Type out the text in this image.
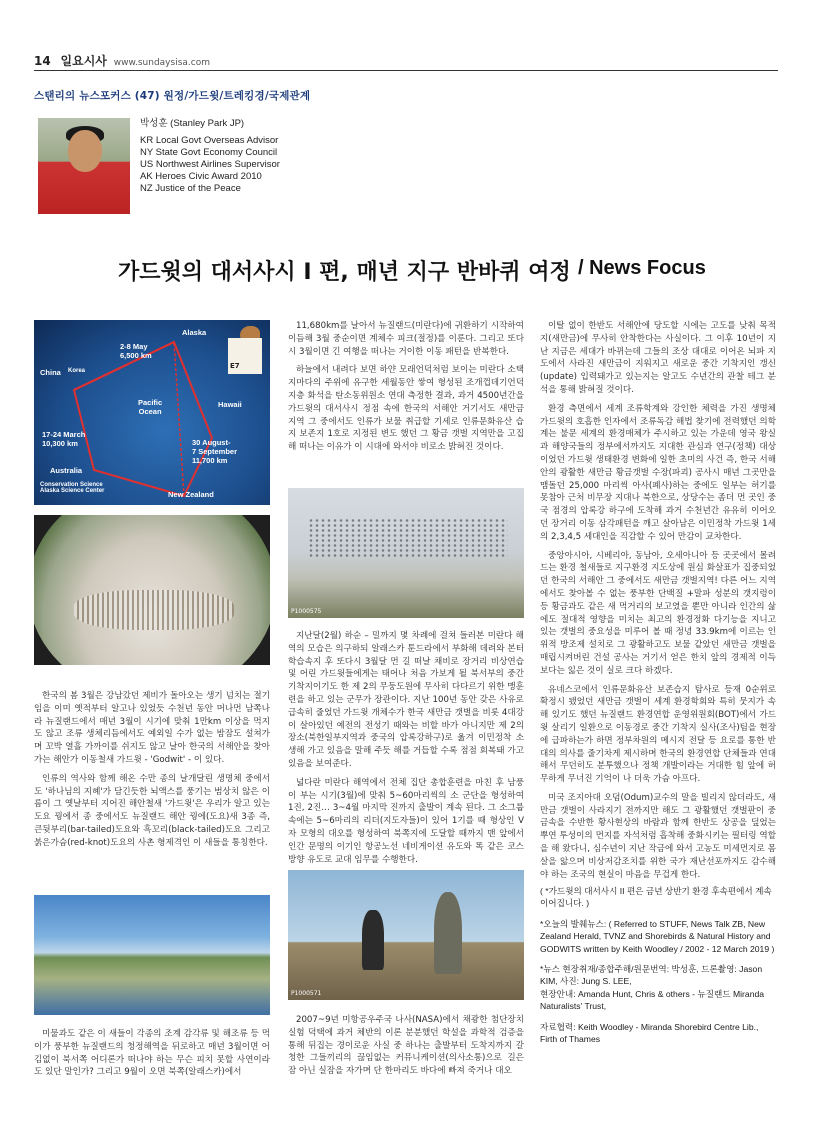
14 일요시사 www.sundaysisa.com
스탠리의 뉴스포커스 (47) 원정/가드윗/트레킹경/국제관계
박성훈 (Stanley Park JP)
KR Local Govt Overseas Advisor
NY State Govt Economy Council
US Northwest Airlines Supervisor
AK Heroes Civic Award 2010
NZ Justice of the Peace
가드윗의 대서사시 I 편, 매년 지구 반바퀴 여정 / News Focus
E7
Alaska
2-8 May
6,500 km
China Korea
Pacific
Ocean
Hawaii
17-24 March
10,300 km	30 August-
7 September
11,700 km
Australia
New Zealand
Conservation Science
Alaska Science Center

한국의 봄 3월은 강남갔던 제비가 돌아오는 생기 넘치는 절기임을 이미 옛적부터 알고나 있었듯 수천년 동안 머나먼 남쪽나라 뉴질랜드에서 매년 3월이 시기에 맞춰 1만km 이상을 먹지도 않고 조류 생체리듬에서도 예외일 수가 없는 밤잠도 설쳐가며 꼬박 열흘 가까이를 쉬지도 않고 날아 한국의 서해안을 찾아가는 해안가 이동철새 가드윗 - 'Godwit' - 이 있다.

인류의 역사와 함께 해온 수만 종의 날개달린 생명체 중에서도 '하나님의 지혜'가 담긴듯한 뇌액스를 풍기는 범상치 않은 이름이 그 옛날부터 지어진 해안철새 '가드윗'은 우리가 알고 있는 도요 꿩에서 종 중에서도 뉴질랜드 해안 꿩에(도요)새 3종 즉, 큰뒷부리(bar-tailed)도요와 흑꼬리(black-tailed)도요 그리고 붉은가슴(red-knot)도요의 사촌 형제격인 이 새들을 통칭한다.

미물과도 같은 이 새들이 각종의 조계 감각류 및 해조류 등 먹이가 풍부한 뉴질랜드의 청정해역을 뒤로하고 매년 3월이면 어김없이 북서쪽 어디론가 떠나야 하는 무슨 피치 못할 사연이라도 있단 말인가? 그리고 9월이 오면 북쪽(알래스카)에서

11,680km를 날아서 뉴질랜드(미란다)에 귀환하기 시작하여 이듬해 3월 중순이면 계체수 피크(절정)를 이룬다. 그리고 또다시 3월이면 긴 여행을 떠나는 거이한 이동 패턴을 반복한다.

하늘에서 내려다 보면 하얀 모래언덕처럼 보이는 미란다 소택지마다의 주위에 유구한 세월동안 쌓여 형성된 조개껍데기언덕 지층 화석을 탄소동위원소 연대 측정한 결과, 과거 4500년간을 가드윗의 대서사시 정점 속에 한국의 서해안 거기서도 새만금 지역 그 중에서도 인류가 보물 취급할 기세로 인류문화유산 습지 보존지 1호로 지정된 변도 했던 그 황금 갯벌 지역만을 고집해 떠나는 이유가 이 시대에 와서야 비로소 밝혀진 것이다.

P1000575

지난달(2월) 하순 – 밀까지 몇 차례에 걸쳐 들러본 미란다 해역의 모습은 의구하되 알래스카 툰드라에서 부화해 데려와 본터 학습속지 후 또다시 3월달 먼 길 떠날 채비로 장거리 비상연습 및 어린 가드윗들에게는 태어나 처음 가보게 될 북서부의 중간 기착지이기도 한 제 2의 무둥도원에 무사히 다다르기 위한 맹훈련을 하고 있는 군무가 장관이다. 지난 100년 동안 갖은 사유로 급속히 줄었던 가드윗 개체수가 한국 새만금 갯벌을 비롯 4대강이 살아있던 예전의 전성기 때와는 비할 바가 아니지만 제 2의 장소(북한일부지역과 중국의 압록강하구)로 옮겨 이민정착 소생해 가고 있음을 말해 주듯 해를 거듭할 수록 점점 회복돼 가고 있음을 보여준다.

넓다란 미란다 해역에서 전체 집단 총합훈련을 마친 후 남풍이 부는 시기(3월)에 맞춰 5~60마리씩의 소 군단을 형성하여 1진, 2진… 3~4월 마지막 진까지 출발이 계속 된다. 그 소그룹속에는 5~6마리의 리더(지도자들)이 있어 1기를 때 형상인 V자 모형의 대오를 형성하여 북쪽지에 도달할 때까지 맨 앞에서 인간 문명의 이기인 항공노선 네비게이션 유도와 똑 같은 코스 방향 유도로 교대 임무를 수행한다.

P1000571

2007~9년 미항공우주국 나사(NASA)에서 채광한 첨단장치 실험 덕택에 과거 체반의 이론 분분했던 학설을 과학적 검증을 통해 뒤집는 경이로운 사실 중 하나는 출발부터 도착지까지 갈청한 그들끼리의 끊임없는 커뮤니케이션(의사소통)으로 길은 잠 아닌 실잠을 자가며 단 한마리도 바다에 빠져 죽거나 대오

이탈 없이 한반도 서해안에 당도할 시에는 고도를 낮춰 목적지(새만금)에 무사히 안착한다는 사실이다. 그 이후 10년이 지난 지금은 세대가 바뀌는데 그들의 조상 대대로 이어온 뇌파 지도에서 사라진 새만금이 지워지고 새로운 중간 기착지인 갱신(update) 입력돼가고 있는지는 알고도 수년간의 관찰 테그 분석을 통해 밝혀질 것이다.

환경 측면에서 세계 조류학계와 강인한 체력을 가진 생명체 가드윗의 호흡한 인자에서 조류독감 해법 찾기에 전력했던 의학계는 불문 세계의 환경매체가 주시하고 있는 가운데 영국 왕실과 해양국들의 정부에서까지도 지대한 관심과 연구(정책) 대상이었던 가드윗 생태환경 변화에 일한 초미의 사건 즉, 한국 서해안의 광활한 새만금 황금갯벌 수장(파괴) 공사시 매년 그곳만을 맴돌던 25,000 마리씩 아사(폐사)하는 중에도 일부는 허기를 못참아 근처 비무장 지대나 북한으로, 상당수는 좀더 먼 곳인 중국 점경의 압록강 하구에 도착해 과거 수천년간 유유히 이어오던 장거리 이동 삼각패턴을 깨고 살아남은 이민정착 가드윗 1세의 2,3,4,5 세대인을 직감할 수 있어 만감이 교차한다.

중앙아시아, 시베리아, 동남아, 오세아니아 등 곳곳에서 몰려드는 환경 철새들로 지구환경 지도상에 원심 화살표가 집중되었던 한국의 서해안 그 중에서도 새만금 갯벌지역! 다른 어느 지역에서도 찾아볼 수 없는 풍부한 단백질 +말파 성분의 갯지렁이 등 황금과도 같은 새 먹거리의 보고였을 뿐만 아니라 인간의 삶에도 절대적 영향을 미치는 최고의 환경정화 다기능을 지니고 있는 갯벌의 중요성을 미루어 볼 때 정녕 33.9km에 이르는 인위적 방조제 설치로 그 광활하고도 보물 같았던 새만금 갯벌을 매립시켜버린 건설 공사는 거기서 얻은 한치 앞의 경제적 이득보다는 잃은 것이 실로 크다 하겠다.

유네스코에서 인류문화유산 보존습지 탐사로 등재 0순위로 확정시 됐었던 새만금 갯벌이 세계 환경학회와 특히 뭇지가 속해 있기도 했던 뉴질랜드 환경연합 운영위원회(BOT)에서 가드윗 살리기 일환으로 이동경로 중간 기착지 실사(조사)팀을 현장에 급파하는가 하면 정부차원의 메시지 전달 등 요로를 통한 반대의 의사를 줄기차게 제시하며 한국의 환경연합 단체들과 연대해서 무던히도 분투했으나 정책 개발이라는 거대한 힘 앞에 허무하게 무너진 기억이 나 더욱 가슴 아프다.

미국 조지아대 오덤(Odum)교수의 말을 빌리지 않더라도, 새만금 갯벌이 사라지기 전까지만 해도 그 광활했던 갯벌판이 중금속을 수반한 황사현상의 바람과 함께 한반도 상공을 덮었는 뿌연 투성이의 먼지를 자석처럼 흡착해 중화시키는 필터링 역할을 해 왔다니, 심수년이 지난 작금에 와서 고농도 미세먼지로 몸살을 앓으며 비상저감조치를 위한 국가 재난선포까지도 감수해야 하는 조국의 현실이 마음을 무겁게 한다.

( *가드윗의 대서사시 II 편은 금년 상반기 환경 후속편에서 계속 이어집니다. )

*오늘의 발췌뉴스: ( Referred to STUFF, News Talk ZB, New Zealand Herald, TVNZ and Shorebirds & Natural History and GODWITS written by Keith Woodley / 2002 - 12 March 2019 )

*뉴스 현장취재/종합주해/원문번역: 박성훈, 드론촬영: Jason KIM, 사진: Jung S. LEE,
현장안내: Amanda Hunt, Chris & others - 뉴질랜드 Miranda Naturalists' Trust,

자료협력: Keith Woodley - Miranda Shorebird Centre Lib., Firth of Thames
